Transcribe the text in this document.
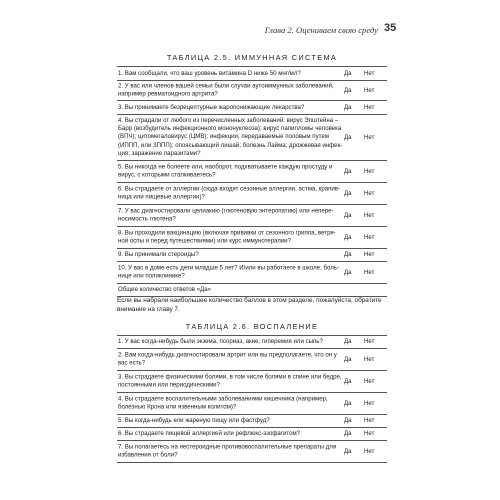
Глава 2. Оцениваем свою среду 35
ТАБЛИЦА 2.5. ИММУННАЯ СИСТЕМА
1. Вам сообщали, что ваш уровень витамина D ниже 50 мнг/мл?	Да Нет
2. У вас или членов вашей семьи были случаи аутоиммунных заболеваний, например ревматоидного артрита?
Да Нет
3. Вы принимаете безрецептурные жаропонижающие лекарства?	Да Нет
4. Вы страдали от любого из перечисленных заболеваний: вирус Эпштейна – Барр (возбудитель инфекционного мононуклеоза); вирус папилломы человека (ВПЧ); цитомегаловирус (ЦМВ); инфекции, передаваемые половым путем (ИППП, или ЗППП); опоясывающий лишай; болезнь Лайма; дрожжевая инфек-ция; заражение паразитами?
Да Нет
5. Вы никогда не болеете или, наоборот, подхватываете каждую простуду и вирус, с которыми сталкиваетесь?
Да Нет
6. Вы страдаете от аллергии (сюда входят сезонные аллергии, астма, крапив-ница или пищевые аллергии)?
Да Нет
7. У вас диагностировали целиакию (глютеновую энтеропатию) или непере-носимость глютена?
Да Нет
8. Вы проходили вакцинацию (включая прививки от сезонного гриппа, ветря-ной оспы и перед путешествиями) или курс иммунотерапии?
Да Нет
9. Вы принимали стероиды?	Да Нет
10. У вас в доме есть дети младше 5 лет? И/или вы работаете в школе, боль-нице или поликлинике?
Да Нет
Общее количество ответов «Да»
Если вы набрали наибольшее количество баллов в этом разделе, пожалуйста, обратите внимание на главу 7.
ТАБЛИЦА 2.6. ВОСПАЛЕНИЕ
1. У вас когда-нибудь были экзема, псориаз, акне, гиперемия или сыпь?	Да Нет
2. Вам когда-нибудь диагностировали артрит или вы предполагаете, что он у вас есть?
Да Нет
3. Вы страдаете физическими болями, в том числе болями в спине или бедре, постоянными или периодическими?
Да Нет
4. Вы страдаете воспалительными заболеваниями кишечника (например, болезнью Крона или язвенным колитом)?
Да Нет
5. Вы когда-нибудь ели жареную пищу или фастфуд?	Да Нет
6. Вы страдаете пищевой аллергией или рефлюкс-эзофагитом?	Да Нет
7. Вы полагаетесь на нестероидные противовоспалительные препараты для избавления от боли?
Да Нет
